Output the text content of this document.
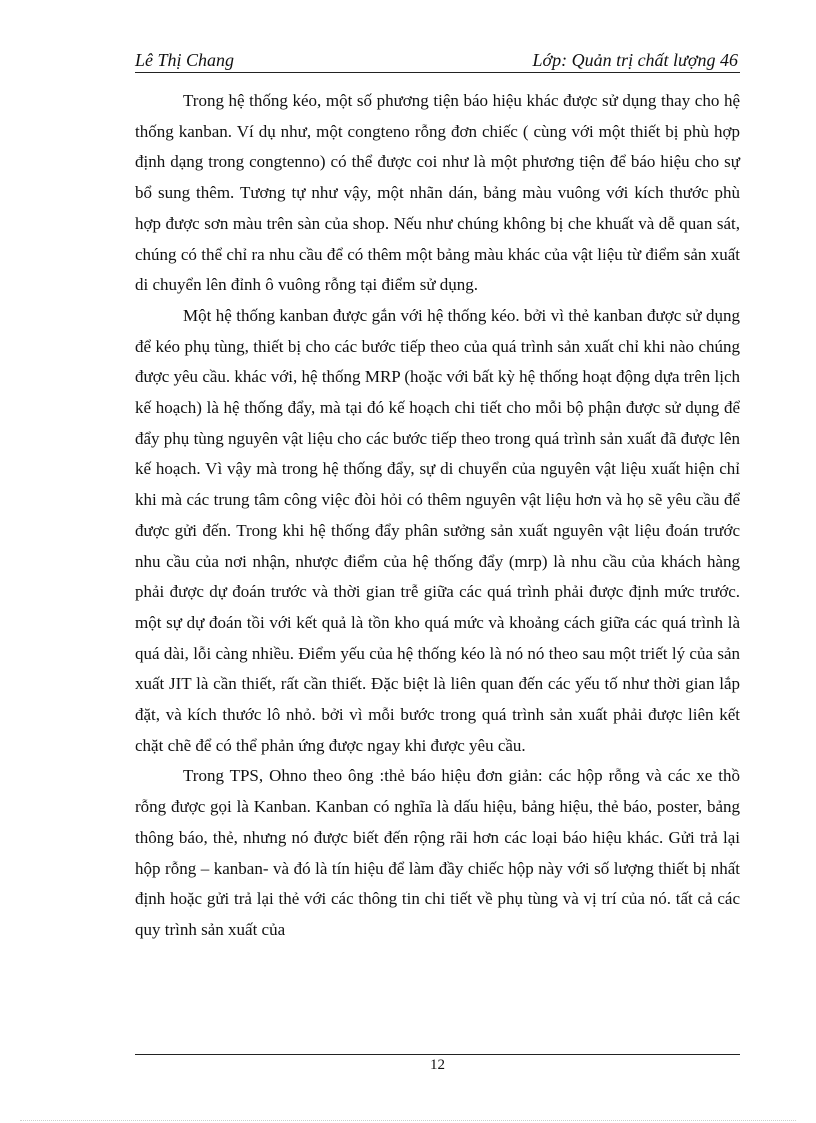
Lê Thị Chang	Lớp: Quản trị chất lượng 46

Trong hệ thống kéo, một số phương tiện báo hiệu khác được sử dụng thay cho hệ thống kanban. Ví dụ như, một congteno rỗng đơn chiếc ( cùng với một thiết bị phù hợp định dạng trong congtenno) có thể được coi như là một phương tiện để báo hiệu cho sự bổ sung thêm. Tương tự như vậy, một nhãn dán, bảng màu vuông với kích thước phù hợp được sơn màu trên sàn của shop. Nếu như chúng không bị che khuất và dễ quan sát, chúng có thể chỉ ra nhu cầu để có thêm một bảng màu khác của vật liệu từ điểm sản xuất di chuyển lên đỉnh ô vuông rỗng tại điểm sử dụng.

Một hệ thống kanban được gắn với hệ thống kéo. bởi vì thẻ kanban được sử dụng để kéo phụ tùng, thiết bị cho các bước tiếp theo của quá trình sản xuất chỉ khi nào chúng được yêu cầu. khác với, hệ thống MRP (hoặc với bất kỳ hệ thống hoạt động dựa trên lịch kế hoạch) là hệ thống đẩy, mà tại đó kế hoạch chi tiết cho mỗi bộ phận được sử dụng để đẩy phụ tùng nguyên vật liệu cho các bước tiếp theo trong quá trình sản xuất đã được lên kế hoạch. Vì vậy mà trong hệ thống đẩy, sự di chuyển của nguyên vật liệu xuất hiện chỉ khi mà các trung tâm công việc đòi hỏi có thêm nguyên vật liệu hơn và họ sẽ yêu cầu để được gửi đến. Trong khi hệ thống đẩy phân sưởng sản xuất nguyên vật liệu đoán trước nhu cầu của nơi nhận, nhược điểm của hệ thống đẩy (mrp) là nhu cầu của khách hàng phải được dự đoán trước và thời gian trễ giữa các quá trình phải được định mức trước. một sự dự đoán tồi với kết quả là tồn kho quá mức và khoảng cách giữa các quá trình là quá dài, lỗi càng nhiều. Điểm yếu của hệ thống kéo là nó nó theo sau một triết lý của sản xuất JIT là cần thiết, rất cần thiết. Đặc biệt là liên quan đến các yếu tố như thời gian lắp đặt, và kích thước lô nhỏ. bởi vì mỗi bước trong quá trình sản xuất phải được liên kết chặt chẽ để có thể phản ứng được ngay khi được yêu cầu.

Trong TPS, Ohno theo ông :thẻ báo hiệu đơn giản: các hộp rỗng và các xe thồ rỗng được gọi là Kanban. Kanban có nghĩa là dấu hiệu, bảng hiệu, thẻ báo, poster, bảng thông báo, thẻ, nhưng nó được biết đến rộng rãi hơn các loại báo hiệu khác. Gửi trả lại hộp rỗng – kanban- và đó là tín hiệu để làm đầy chiếc hộp này với số lượng thiết bị nhất định hoặc gửi trả lại thẻ với các thông tin chi tiết về phụ tùng và vị trí của nó. tất cả các quy trình sản xuất của

12
